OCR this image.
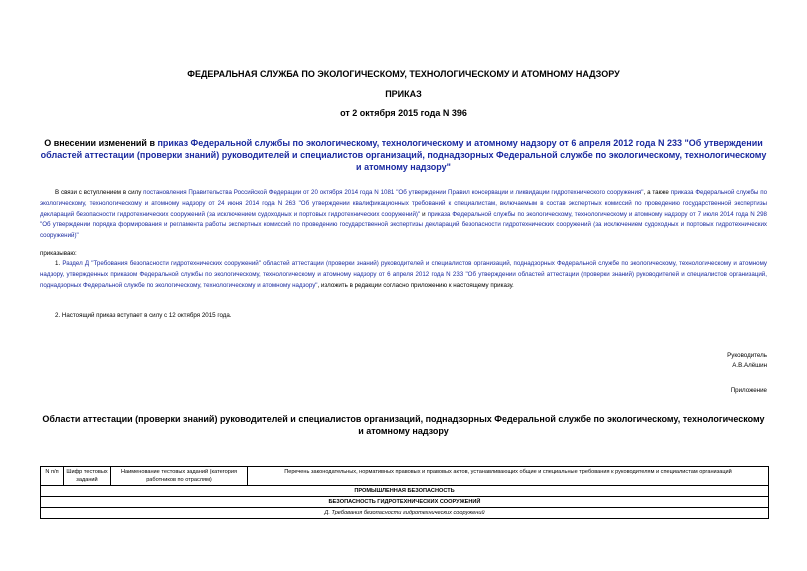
ФЕДЕРАЛЬНАЯ СЛУЖБА ПО ЭКОЛОГИЧЕСКОМУ, ТЕХНОЛОГИЧЕСКОМУ И АТОМНОМУ НАДЗОРУ
ПРИКАЗ
от 2 октября 2015 года N 396
О внесении изменений в приказ Федеральной службы по экологическому, технологическому и атомному надзору от 6 апреля 2012 года N 233 "Об утверждении областей аттестации (проверки знаний) руководителей и специалистов организаций, поднадзорных Федеральной службе по экологическому, технологическому и атомному надзору"
В связи с вступлением в силу постановления Правительства Российской Федерации от 20 октября 2014 года N 1081 "Об утверждении Правил консервации и ликвидации гидротехнического сооружения", а также приказа Федеральной службы по экологическому, технологическому и атомному надзору от 24 июня 2014 года N 263 "Об утверждении квалификационных требований к специалистам, включаемым в состав экспертных комиссий по проведению государственной экспертизы деклараций безопасности гидротехнических сооружений (за исключением судоходных и портовых гидротехнических сооружений)" и приказа Федеральной службы по экологическому, технологическому и атомному надзору от 7 июля 2014 года N 298 "Об утверждении порядка формирования и регламента работы экспертных комиссий по проведению государственной экспертизы деклараций безопасности гидротехнических сооружений (за исключением судоходных и портовых гидротехнических сооружений)"
приказываю:
1. Раздел Д "Требования безопасности гидротехнических сооружений" областей аттестации (проверки знаний) руководителей и специалистов организаций, поднадзорных Федеральной службе по экологическому, технологическому и атомному надзору, утвержденных приказом Федеральной службы по экологическому, технологическому и атомному надзору от 6 апреля 2012 года N 233 "Об утверждении областей аттестации (проверки знаний) руководителей и специалистов организаций, поднадзорных Федеральной службе по экологическому, технологическому и атомному надзору", изложить в редакции согласно приложению к настоящему приказу.
2. Настоящий приказ вступает в силу с 12 октября 2015 года.
Руководитель
А.В.Алёшин
Приложение
Области аттестации (проверки знаний) руководителей и специалистов организаций, поднадзорных Федеральной службе по экологическому, технологическому и атомному надзору
N п/п	Шифр тестовых заданий	Наименование тестовых заданий (категория работников по отраслям)	Перечень законодательных, нормативных правовых и правовых актов, устанавливающих общие и специальные требования к руководителям и специалистам организаций
ПРОМЫШЛЕННАЯ БЕЗОПАСНОСТЬ
БЕЗОПАСНОСТЬ ГИДРОТЕХНИЧЕСКИХ СООРУЖЕНИЙ
Д. Требования безопасности гидротехнических сооружений
